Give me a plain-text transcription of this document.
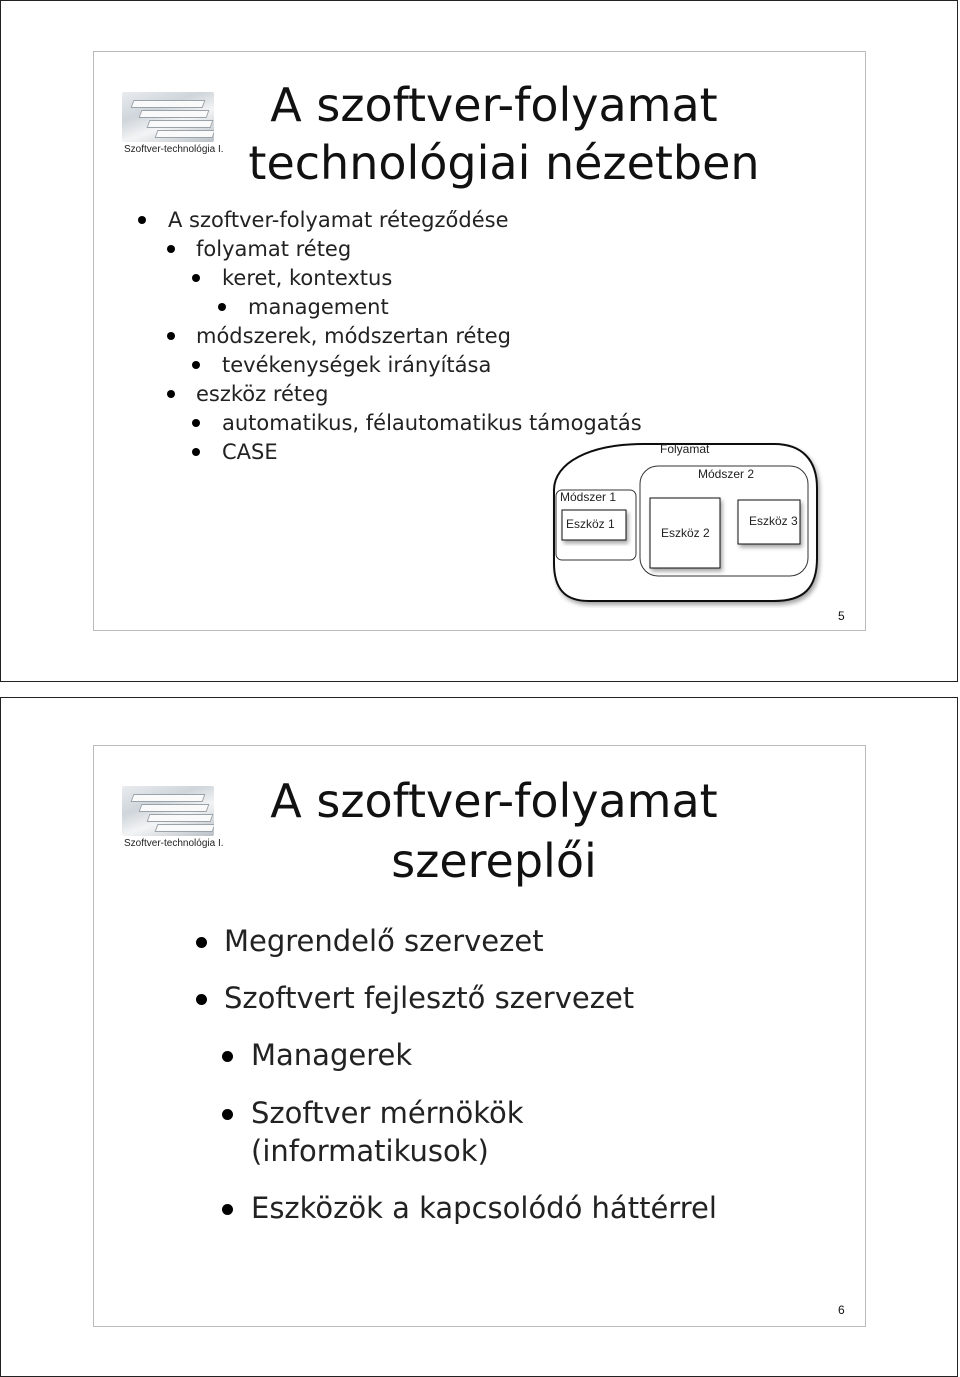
Szoftver-technológia I.
A szoftver-folyamat
technológiai nézetben
A szoftver-folyamat rétegződése
folyamat réteg
keret, kontextus
management
módszerek, módszertan réteg
tevékenységek irányítása
eszköz réteg
automatikus, félautomatikus támogatás
CASE	Folyamat
Módszer 2
Módszer 1
Eszköz 1
Eszköz 2
Eszköz 3
5
Szoftver-technológia I.
A szoftver-folyamat
szereplői
Megrendelő szervezet
Szoftvert fejlesztő szervezet
Managerek
Szoftver mérnökök
(informatikusok)
Eszközök a kapcsolódó háttérrel
6
